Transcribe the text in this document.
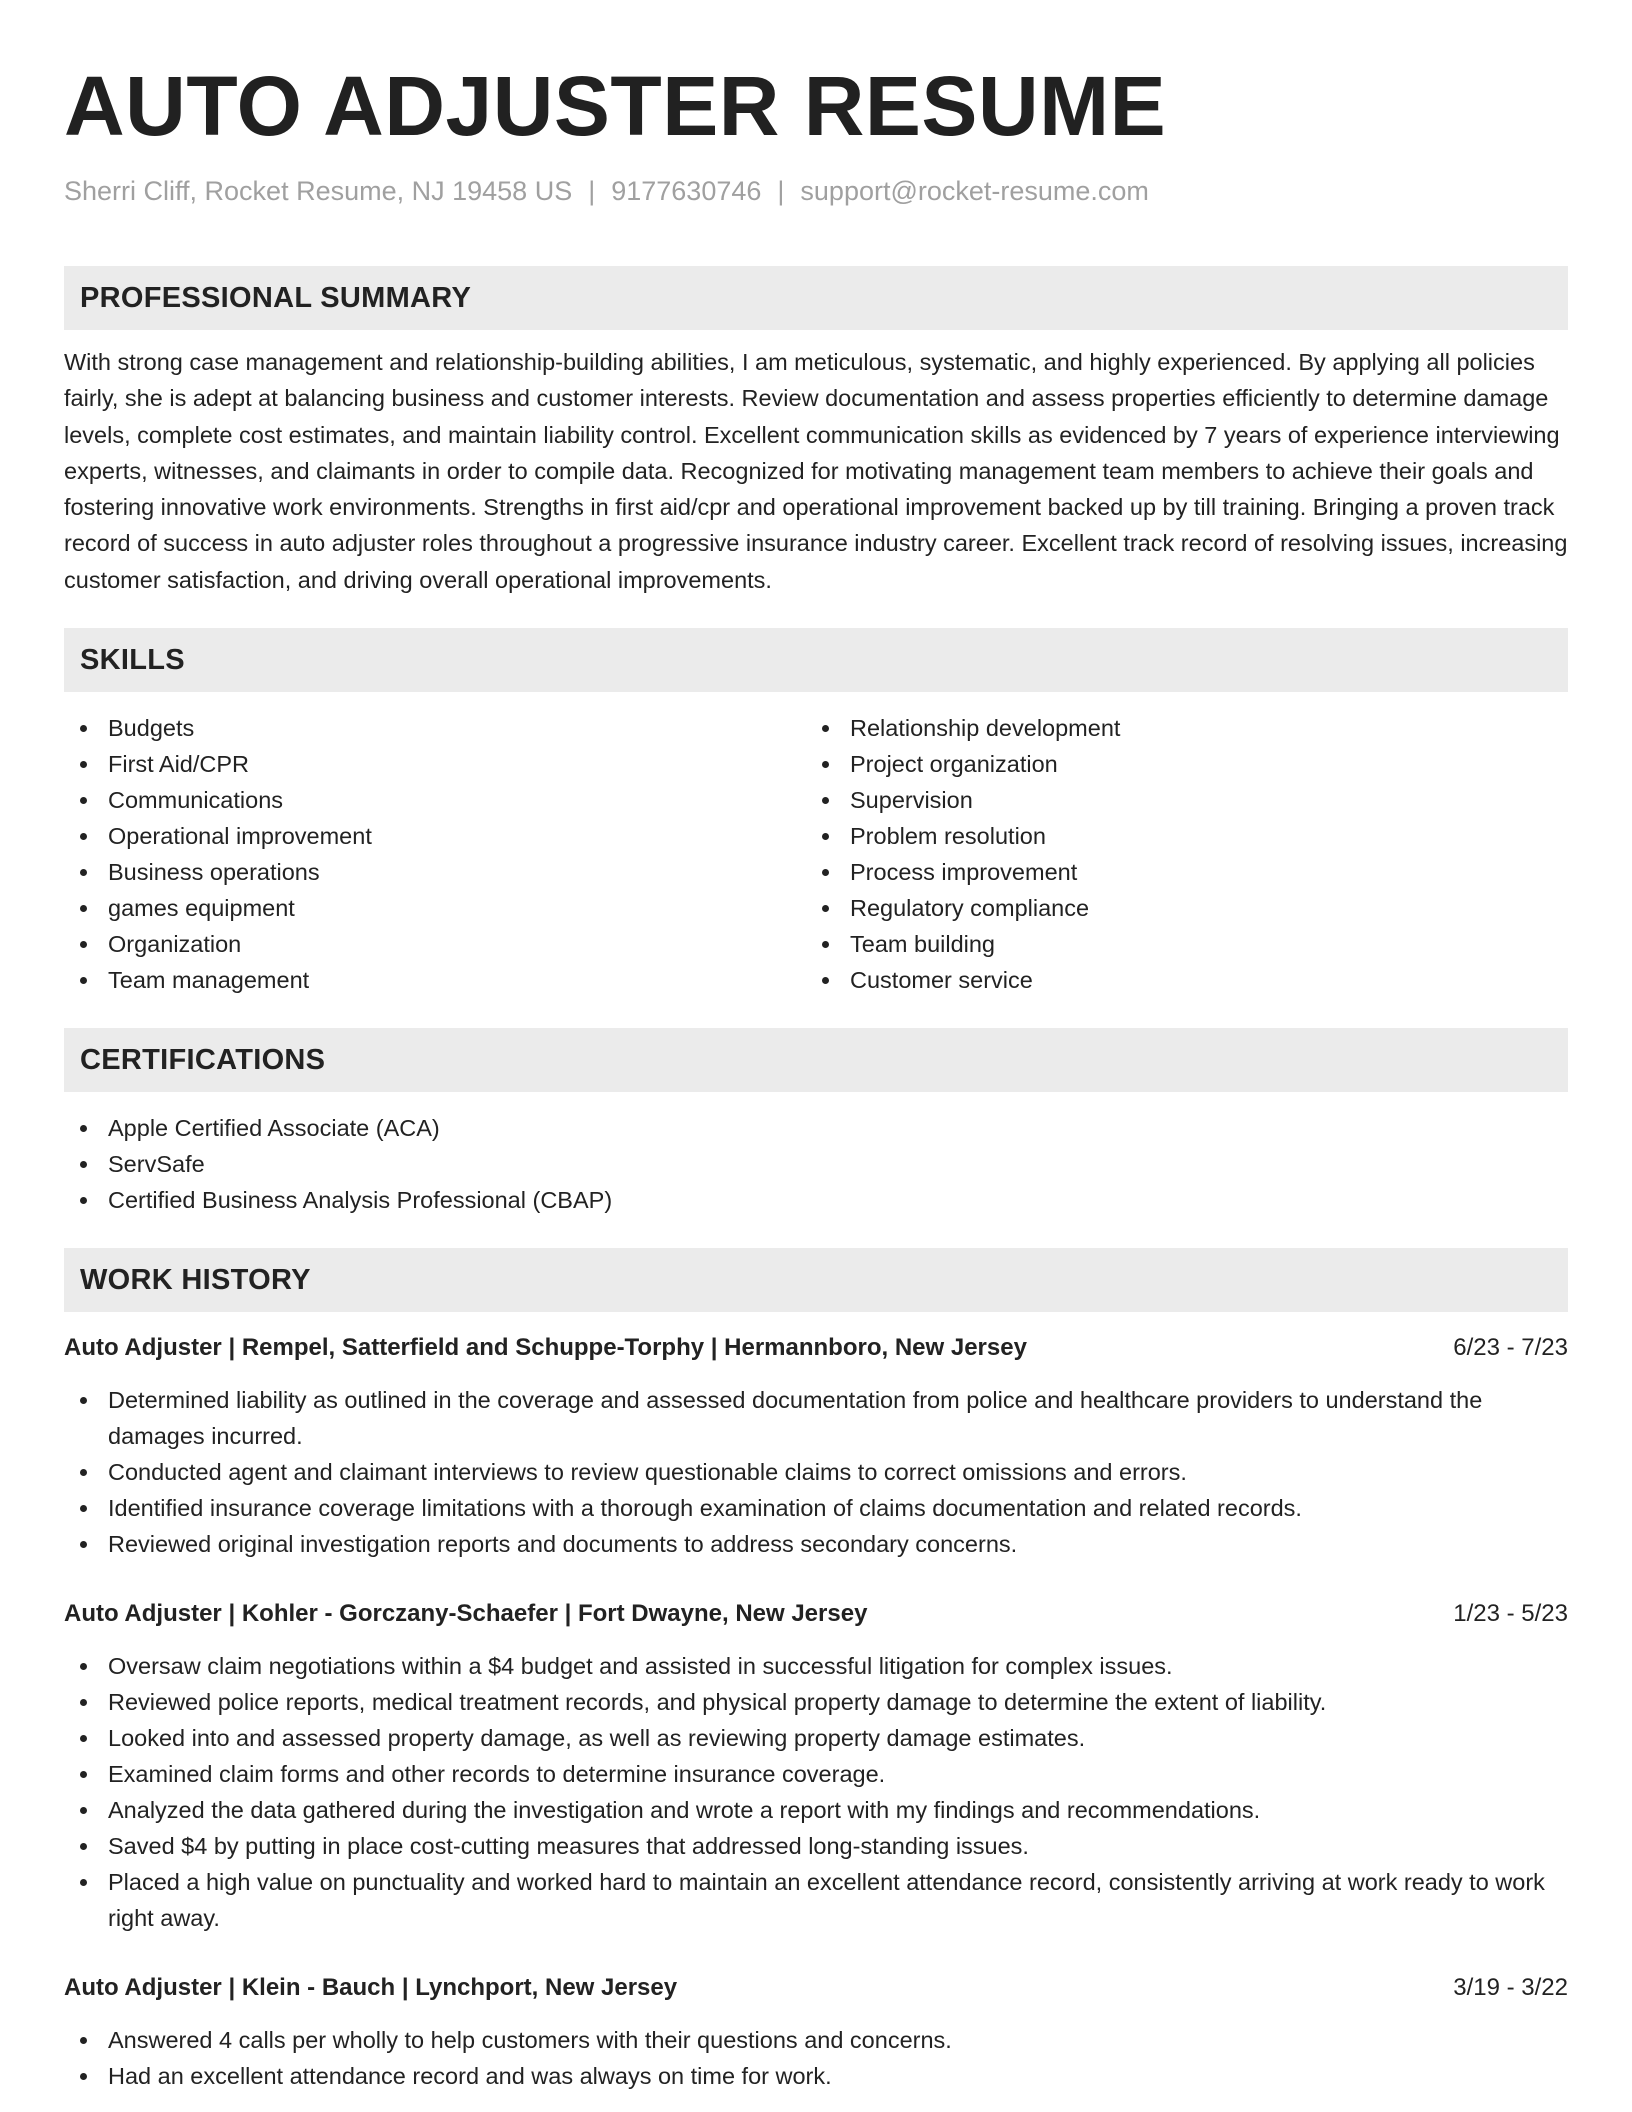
AUTO ADJUSTER RESUME
Sherri Cliff, Rocket Resume, NJ 19458 US | 9177630746 | support@rocket-resume.com
PROFESSIONAL SUMMARY
With strong case management and relationship-building abilities, I am meticulous, systematic, and highly experienced. By applying all policies fairly, she is adept at balancing business and customer interests. Review documentation and assess properties efficiently to determine damage levels, complete cost estimates, and maintain liability control. Excellent communication skills as evidenced by 7 years of experience interviewing experts, witnesses, and claimants in order to compile data. Recognized for motivating management team members to achieve their goals and fostering innovative work environments. Strengths in first aid/cpr and operational improvement backed up by till training. Bringing a proven track record of success in auto adjuster roles throughout a progressive insurance industry career. Excellent track record of resolving issues, increasing customer satisfaction, and driving overall operational improvements.
SKILLS
Budgets
First Aid/CPR
Communications
Operational improvement
Business operations
games equipment
Organization
Team management
Relationship development
Project organization
Supervision
Problem resolution
Process improvement
Regulatory compliance
Team building
Customer service
CERTIFICATIONS
Apple Certified Associate (ACA)
ServSafe
Certified Business Analysis Professional (CBAP)
WORK HISTORY
Auto Adjuster | Rempel, Satterfield and Schuppe-Torphy | Hermannboro, New Jersey	6/23 - 7/23
Determined liability as outlined in the coverage and assessed documentation from police and healthcare providers to understand the damages incurred.
Conducted agent and claimant interviews to review questionable claims to correct omissions and errors.
Identified insurance coverage limitations with a thorough examination of claims documentation and related records.
Reviewed original investigation reports and documents to address secondary concerns.
Auto Adjuster | Kohler - Gorczany-Schaefer | Fort Dwayne, New Jersey	1/23 - 5/23
Oversaw claim negotiations within a $4 budget and assisted in successful litigation for complex issues.
Reviewed police reports, medical treatment records, and physical property damage to determine the extent of liability.
Looked into and assessed property damage, as well as reviewing property damage estimates.
Examined claim forms and other records to determine insurance coverage.
Analyzed the data gathered during the investigation and wrote a report with my findings and recommendations.
Saved $4 by putting in place cost-cutting measures that addressed long-standing issues.
Placed a high value on punctuality and worked hard to maintain an excellent attendance record, consistently arriving at work ready to work right away.
Auto Adjuster | Klein - Bauch | Lynchport, New Jersey	3/19 - 3/22
Answered 4 calls per wholly to help customers with their questions and concerns.
Had an excellent attendance record and was always on time for work.
